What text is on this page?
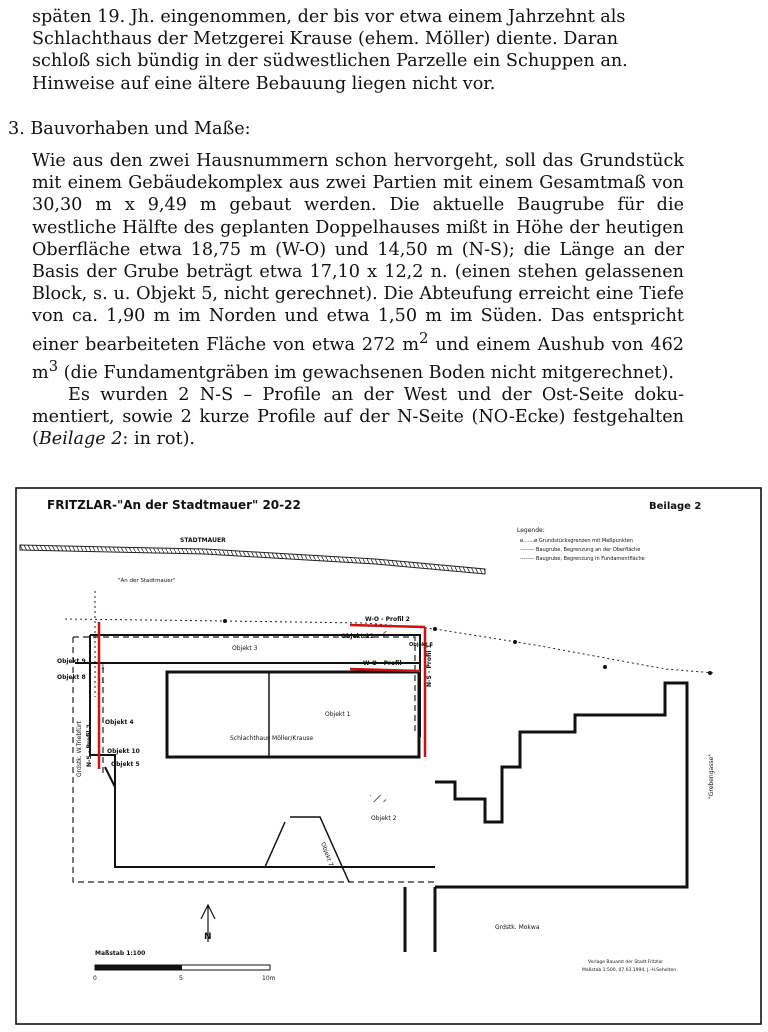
späten 19. Jh. eingenommen, der bis vor etwa einem Jahrzehnt als

Schlachthaus der Metzgerei Krause (ehem. Möller) diente. Daran

schloß sich bündig in der südwestlichen Parzelle ein Schuppen an.

Hinweise auf eine ältere Bebauung liegen nicht vor.

3. Bauvorhaben und Maße:

Wie aus den zwei Hausnummern schon hervorgeht, soll das Grundstück mit einem Gebäudekomplex aus zwei Partien mit einem Gesamtmaß von 30,30 m x 9,49 m gebaut werden. Die aktuelle Baugrube für die westliche Hälfte des geplanten Doppelhauses mißt in Höhe der heutigen Oberfläche etwa 18,75 m (W-O) und 14,50 m (N-S); die Länge an der Basis der Grube beträgt etwa 17,10 x 12,2 n. (einen stehen gelassenen Block, s. u. Objekt 5, nicht gerechnet). Die Abteufung erreicht eine Tiefe von ca. 1,90 m im Norden und etwa 1,50 m im Süden. Das entspricht einer bearbeiteten Fläche von etwa 272 $m^2$ und einem Aushub von 462 $m^3$ (die Fundamentgräben im gewachsenen Boden nicht mitgerechnet).

Es wurden 2 N-S – Profile an der West und der Ost-Seite dokumentiert, sowie 2 kurze Profile auf der N-Seite (NO-Ecke) festgehalten (Beilage 2: in rot).

FRITZLAR-"An der Stadtmauer" 20-22	Beilage 2
STADTMAUER
"An der Stadtmauer"
Legende:
ø.......ø Grundstücksgrenzen mit Meßpunkten
-------- Baugrube, Begrenzung an der Oberfläche
-------- Baugrube, Begrenzung in Fundamentfläche
Schlachthaus Möller/Krause
W-O - Profil 2
W-O - Profil	N-S - Profil 1
N-S - Profil 2
Grdstk. W.Triebfürt
Objekt 11
Objekt 6
Objekt 3
Objekt 1
Objekt 9
Objekt 8
1
1
Objekt 4
Objekt 10
Objekt 5
Objekt 2
Objekt 7
"Grebengasse"
Grdstk. Mokwa
N
Maßstab 1:100
0	5	10m
Vorlage Bauamt der Stadt Fritzlar
Maßstab 1:500, 07.03.1994, J.-H.Seholten
